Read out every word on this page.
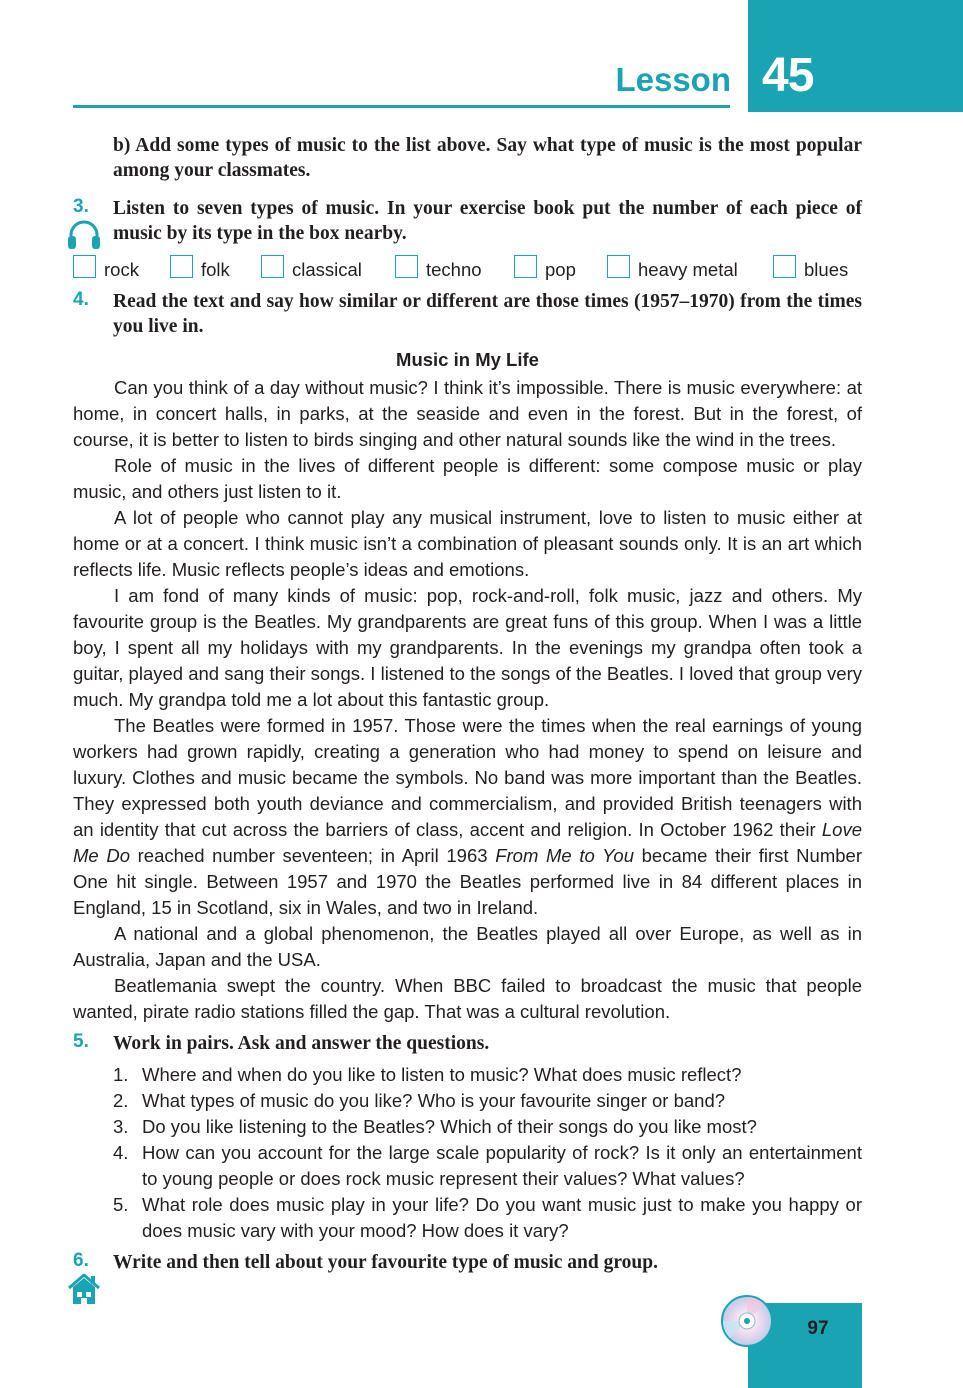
45
Lesson

b) Add some types of music to the list above. Say what type of music is the most popular among your classmates.

3. Listen to seven types of music. In your exercise book put the number of each piece of music by its type in the box nearby.

rock	folk	classical	techno	pop	heavy metal	blues
4. Read the text and say how similar or different are those times (1957–1970) from the times you live in.

Music in My Life

Can you think of a day without music? I think it’s impossible. There is music everywhere: at home, in concert halls, in parks, at the seaside and even in the forest. But in the forest, of course, it is better to listen to birds singing and other natural sounds like the wind in the trees.

Role of music in the lives of different people is different: some compose music or play music, and others just listen to it.

A lot of people who cannot play any musical instrument, love to listen to music either at home or at a concert. I think music isn’t a combination of pleasant sounds only. It is an art which reflects life. Music reflects people’s ideas and emotions.

I am fond of many kinds of music: pop, rock-and-roll, folk music, jazz and others. My favourite group is the Beatles. My grandparents are great funs of this group. When I was a little boy, I spent all my holidays with my grandparents. In the evenings my grandpa often took a guitar, played and sang their songs. I listened to the songs of the Beatles. I loved that group very much. My grandpa told me a lot about this fantastic group.

The Beatles were formed in 1957. Those were the times when the real earnings of young workers had grown rapidly, creating a generation who had money to spend on leisure and luxury. Clothes and music became the symbols. No band was more important than the Beatles. They expressed both youth deviance and commercialism, and provided British teenagers with an identity that cut across the barriers of class, accent and religion. In October 1962 their Love Me Do reached number seventeen; in April 1963 From Me to You became their first Number One hit single. Between 1957 and 1970 the Beatles performed live in 84 different places in England, 15 in Scotland, six in Wales, and two in Ireland.

A national and a global phenomenon, the Beatles played all over Europe, as well as in Australia, Japan and the USA.

Beatlemania swept the country. When BBC failed to broadcast the music that people wanted, pirate radio stations filled the gap. That was a cultural revolution.

5. Work in pairs. Ask and answer the questions.

1. Where and when do you like to listen to music? What does music reflect?
2. What types of music do you like? Who is your favourite singer or band?
3. Do you like listening to the Beatles? Which of their songs do you like most?
4. How can you account for the large scale popularity of rock? Is it only an entertainment to young people or does rock music represent their values? What values?
5. What role does music play in your life? Do you want music just to make you happy or does music vary with your mood? How does it vary?
6. Write and then tell about your favourite type of music and group.

97
